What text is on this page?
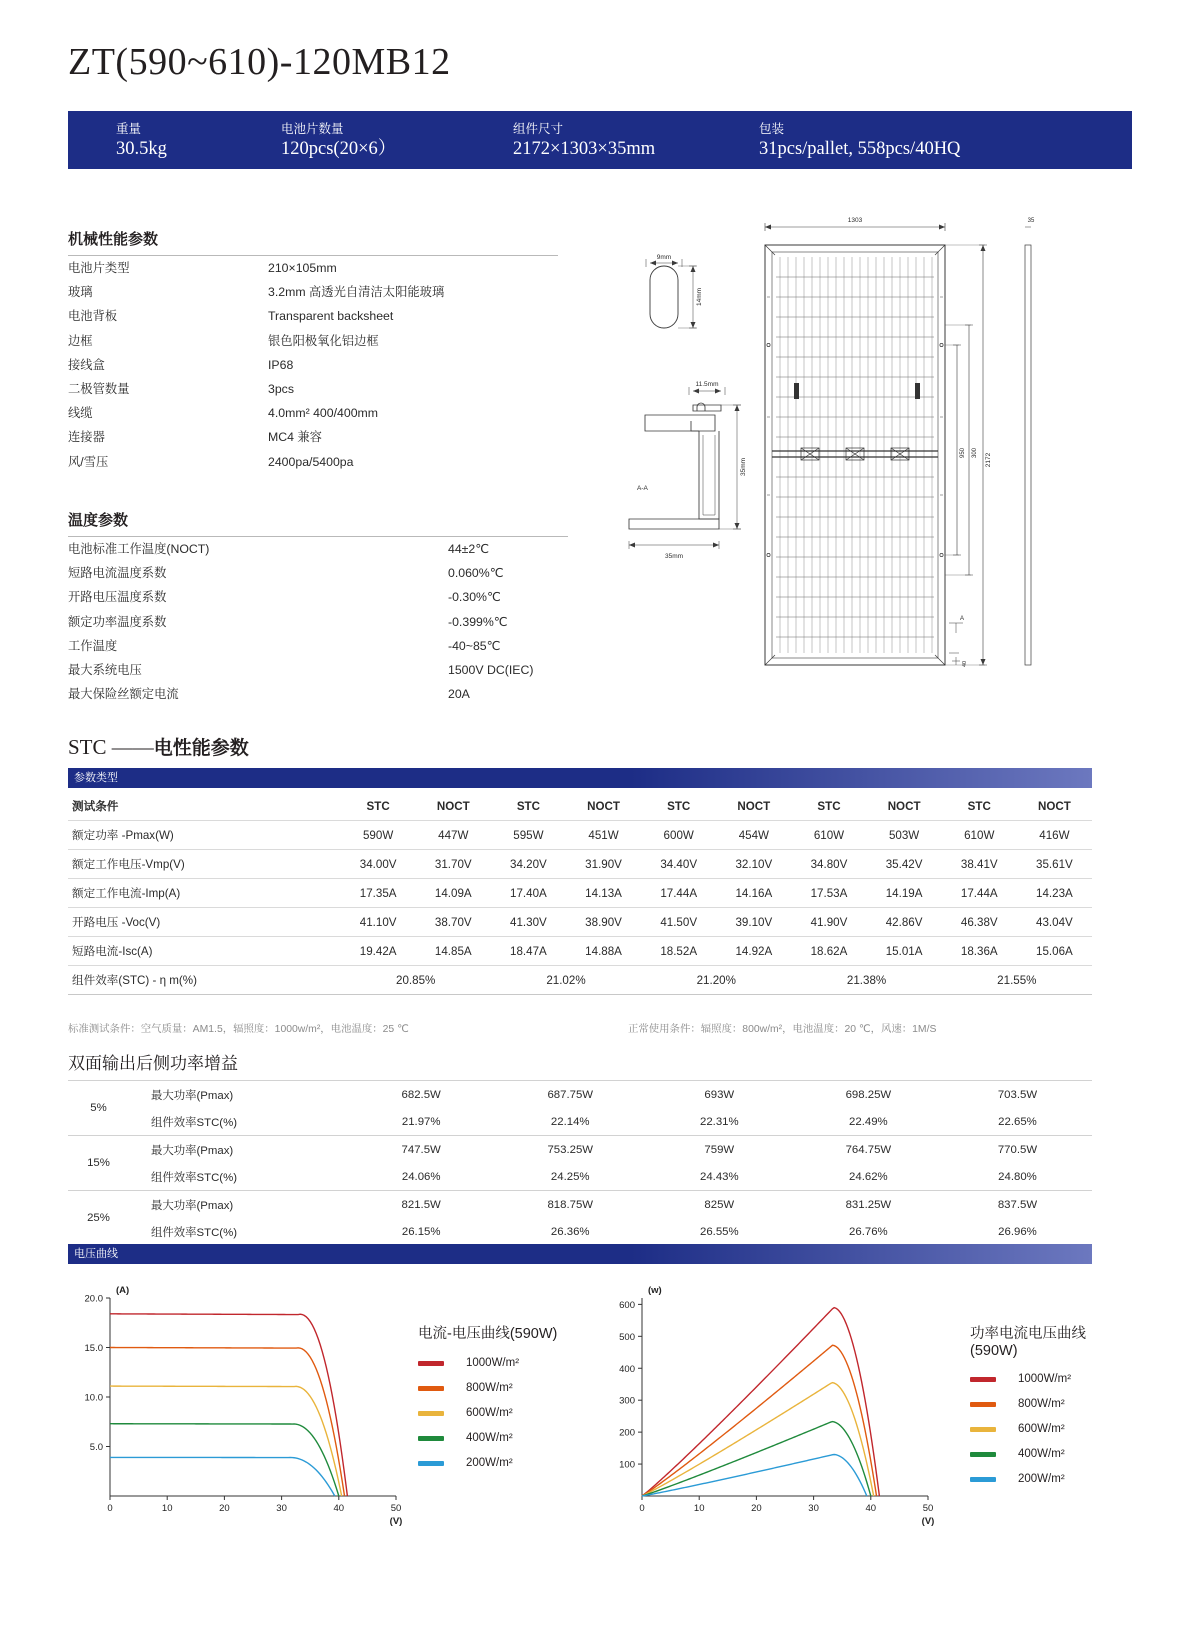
ZT(590~610)-120MB12
重量
30.5kg
电池片数量
120pcs(20×6）
组件尺寸
2172×1303×35mm
包装
31pcs/pallet, 558pcs/40HQ
机械性能参数
电池片类型	210×105mm
玻璃	3.2mm 高透光自清洁太阳能玻璃
电池背板	Transparent backsheet
边框	银色阳极氧化铝边框
接线盒	IP68
二极管数量	3pcs
线缆	4.0mm² 400/400mm
连接器	MC4 兼容
风/雪压	2400pa/5400pa
温度参数
电池标准工作温度(NOCT)	44±2℃
短路电流温度系数	0.060%℃
开路电压温度系数	-0.30%℃
额定功率温度系数	-0.399%℃
工作温度	-40~85℃
最大系统电压	1500V DC(IEC)
最大保险丝额定电流	20A
1303
2172
300
950
35
9mm
14mm
11.5mm
35mm
35mm
A-A
A
40
STC ——电性能参数
参数类型
测试条件	STC	NOCT	STC	NOCT	STC	NOCT	STC	NOCT	STC	NOCT
额定功率 -Pmax(W)	590W	447W	595W	451W	600W	454W	610W	503W	610W	416W
额定工作电压-Vmp(V)	34.00V	31.70V	34.20V	31.90V	34.40V	32.10V	34.80V	35.42V	38.41V	35.61V
额定工作电流-Imp(A)	17.35A	14.09A	17.40A	14.13A	17.44A	14.16A	17.53A	14.19A	17.44A	14.23A
开路电压 -Voc(V)	41.10V	38.70V	41.30V	38.90V	41.50V	39.10V	41.90V	42.86V	46.38V	43.04V
短路电流-Isc(A)	19.42A	14.85A	18.47A	14.88A	18.52A	14.92A	18.62A	15.01A	18.36A	15.06A
组件效率(STC) - η m(%)	20.85%		21.02%		21.20%		21.38%		21.55%	
标准测试条件：空气质量：AM1.5，辐照度：1000w/m²，电池温度：25 ℃	正常使用条件：辐照度：800w/m²，电池温度：20 ℃，风速：1M/S
双面输出后侧功率增益
5%	最大功率(Pmax)	682.5W	687.75W	693W	698.25W	703.5W
	组件效率STC(%)	21.97%	22.14%	22.31%	22.49%	22.65%
15%	最大功率(Pmax)	747.5W	753.25W	759W	764.75W	770.5W
	组件效率STC(%)	24.06%	24.25%	24.43%	24.62%	24.80%
25%	最大功率(Pmax)	821.5W	818.75W	825W	831.25W	837.5W
	组件效率STC(%)	26.15%	26.36%	26.55%	26.76%	26.96%
电压曲线
0	10	20	30	40	50
5.0
10.0
15.0
20.0
(A)
(V)
电流-电压曲线(590W)
1000W/m²
800W/m²
600W/m²
400W/m²
200W/m²
0	10	20	30	40	50
100
200
300
400
500
600
(w)
(V)
功率电流电压曲线(590W)
1000W/m²
800W/m²
600W/m²
400W/m²
200W/m²
